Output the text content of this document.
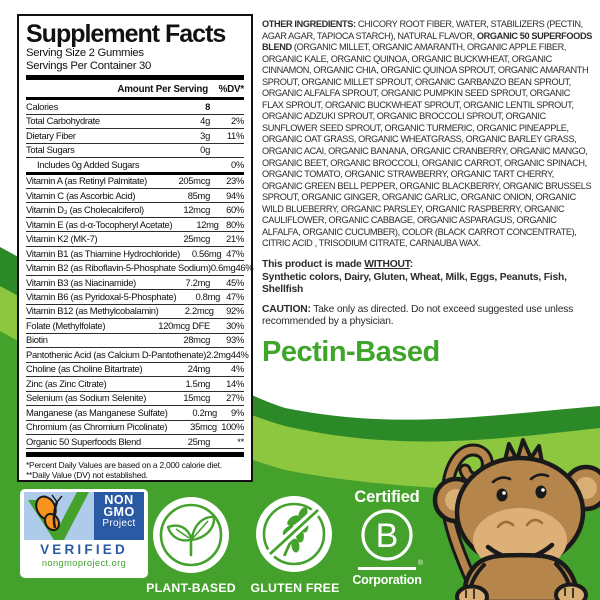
Supplement Facts
Serving Size 2 Gummies
Servings Per Container 30
Amount Per Serving	%DV*
Calories	8
Total Carbohydrate	4g	2%
Dietary Fiber	3g	11%
Total Sugars	0g
Includes 0g Added Sugars	0%
Vitamin A (as Retinyl Palmitate)	205mcg	23%
Vitamin C (as Ascorbic Acid)	85mg	94%
Vitamin D₃ (as Cholecalciferol)	12mcg	60%
Vitamin E (as d-α-Tocopheryl Acetate)	12mg 80%
Vitamin K2 (MK-7)	25mcg	21%
Vitamin B1 (as Thiamine Hydrochloride)	0.56mg 47%
Vitamin B2 (as Riboflavin-5-Phosphate Sodium) 0.6mg 46%
Vitamin B3 (as Niacinamide)	7.2mg	45%
Vitamin B6 (as Pyridoxal-5-Phosphate)	0.8mg 47%
Vitamin B12 (as Methylcobalamin)	2.2mcg	92%
Folate (Methylfolate)	120mcg DFE	30%
Biotin	28mcg	93%
Pantothenic Acid (as Calcium D-Pantothenate) 2.2mg 44%
Choline (as Choline Bitartrate)	24mg	4%
Zinc (as Zinc Citrate)	1.5mg	14%
Selenium (as Sodium Selenite)	15mcg	27%
Manganese (as Manganese Sulfate)	0.2mg	9%
Chromium (as Chromium Picolinate)	35mcg 100%
Organic 50 Superfoods Blend	25mg	**
*Percent Daily Values are based on a 2,000 calorie diet.
**Daily Value (DV) not established.
OTHER INGREDIENTS: CHICORY ROOT FIBER, WATER, STABILIZERS (PECTIN, AGAR AGAR, TAPIOCA STARCH), NATURAL FLAVOR, ORGANIC 50 SUPERFOODS BLEND (ORGANIC MILLET, ORGANIC AMARANTH, ORGANIC APPLE FIBER, ORGANIC KALE, ORGANIC QUINOA, ORGANIC BUCKWHEAT, ORGANIC CINNAMON, ORGANIC CHIA, ORGANIC QUINOA SPROUT, ORGANIC AMARANTH SPROUT, ORGANIC MILLET SPROUT, ORGANIC GARBANZO BEAN SPROUT, ORGANIC ALFALFA SPROUT, ORGANIC PUMPKIN SEED SPROUT, ORGANIC FLAX SPROUT, ORGANIC BUCKWHEAT SPROUT, ORGANIC LENTIL SPROUT, ORGANIC ADZUKI SPROUT, ORGANIC BROCCOLI SPROUT, ORGANIC SUNFLOWER SEED SPROUT, ORGANIC TURMERIC, ORGANIC PINEAPPLE, ORGANIC OAT GRASS, ORGANIC WHEATGRASS, ORGANIC BARLEY GRASS, ORGANIC ACAI, ORGANIC BANANA, ORGANIC CRANBERRY, ORGANIC MANGO, ORGANIC BEET, ORGANIC BROCCOLI, ORGANIC CARROT, ORGANIC SPINACH, ORGANIC TOMATO, ORGANIC STRAWBERRY, ORGANIC TART CHERRY, ORGANIC GREEN BELL PEPPER, ORGANIC BLACKBERRY, ORGANIC BRUSSELS SPROUT, ORGANIC GINGER, ORGANIC GARLIC, ORGANIC ONION, ORGANIC WILD BLUEBERRY, ORGANIC PARSLEY, ORGANIC RASPBERRY, ORGANIC CAULIFLOWER, ORGANIC CABBAGE, ORGANIC ASPARAGUS, ORGANIC ALFALFA, ORGANIC CUCUMBER), COLOR (BLACK CARROT CONCENTRATE), CITRIC ACID , TRISODIUM CITRATE, CARNAUBA WAX.
This product is made WITHOUT:
Synthetic colors, Dairy, Gluten, Wheat, Milk, Eggs, Peanuts, Fish, Shellfish
CAUTION: Take only as directed. Do not exceed suggested use unless recommended by a physician.
Pectin-Based
NON
GMO
Project
VERIFIED
nongmoproject.org
PLANT-BASED GLUTEN FREE
Certified
B
®
Corporation
